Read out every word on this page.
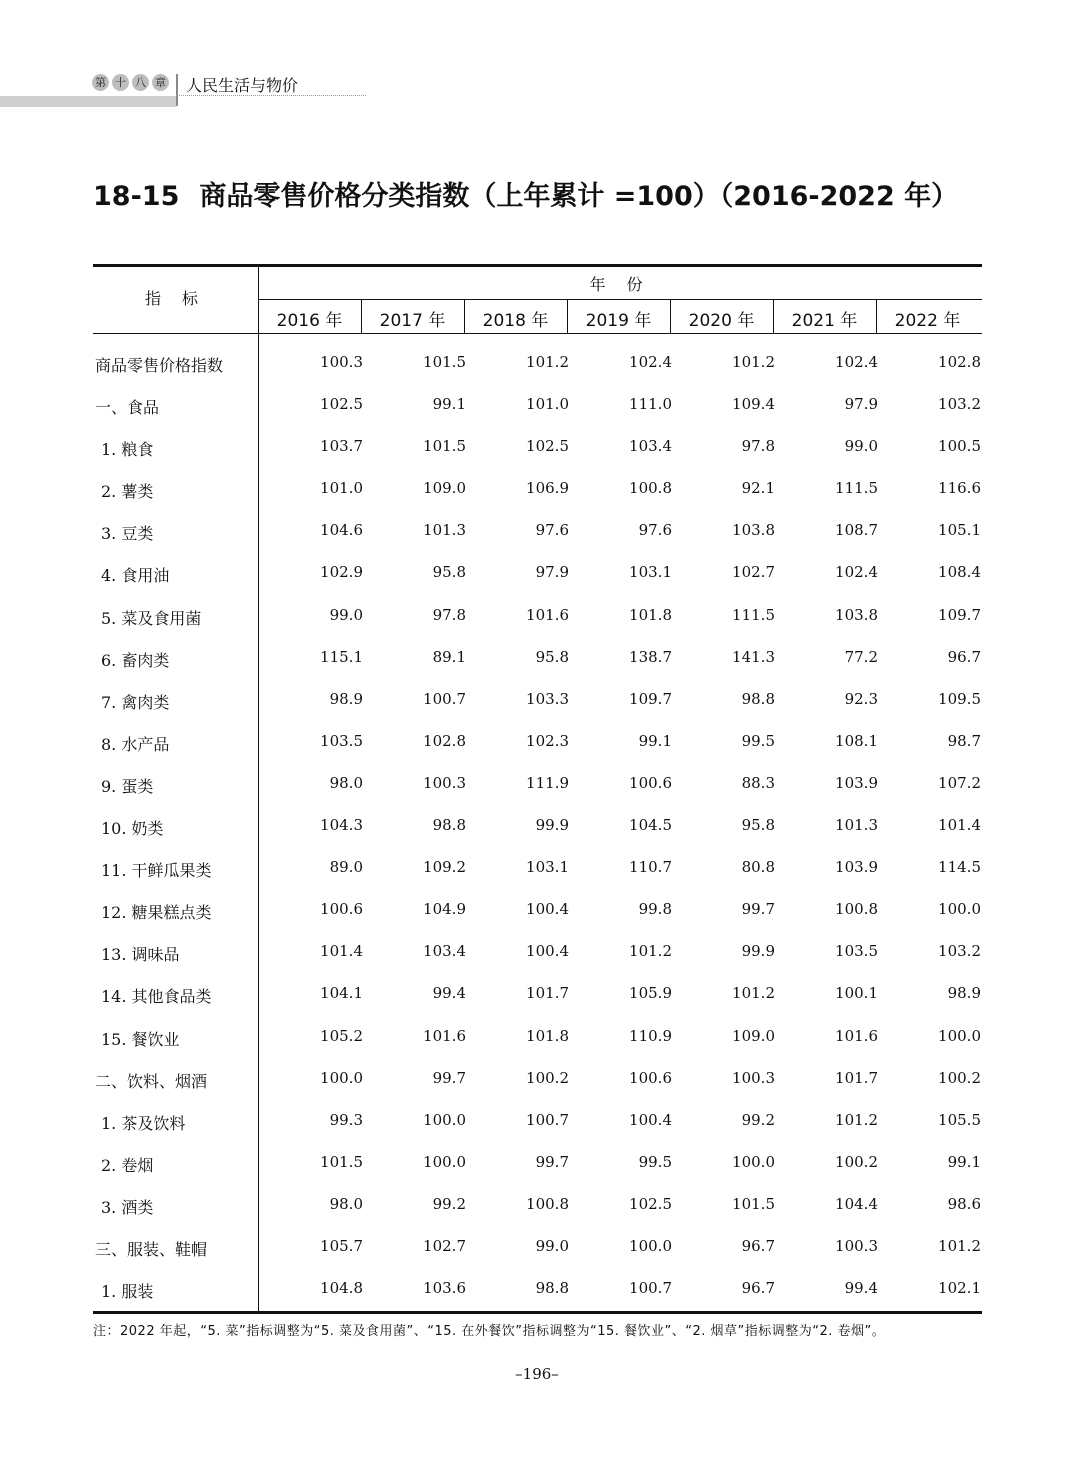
第 十 八 章 人民生活与物价
18-15 商品零售价格分类指数（上年累计 =100）（2016-2022 年）
指 标
年 份
2016 年	2017 年	2018 年	2019 年	2020 年	2021 年	2022 年
商品零售价格指数	100.3	101.5	101.2	102.4	101.2	102.4	102.8
一、食品	102.5	99.1	101.0	111.0	109.4	97.9	103.2
1. 粮食	103.7	101.5	102.5	103.4	97.8	99.0	100.5
2. 薯类	101.0	109.0	106.9	100.8	92.1	111.5	116.6
3. 豆类	104.6	101.3	97.6	97.6	103.8	108.7	105.1
4. 食用油	102.9	95.8	97.9	103.1	102.7	102.4	108.4
5. 菜及食用菌	99.0	97.8	101.6	101.8	111.5	103.8	109.7
6. 畜肉类	115.1	89.1	95.8	138.7	141.3	77.2	96.7
7. 禽肉类	98.9	100.7	103.3	109.7	98.8	92.3	109.5
8. 水产品	103.5	102.8	102.3	99.1	99.5	108.1	98.7
9. 蛋类	98.0	100.3	111.9	100.6	88.3	103.9	107.2
10. 奶类	104.3	98.8	99.9	104.5	95.8	101.3	101.4
11. 干鲜瓜果类	89.0	109.2	103.1	110.7	80.8	103.9	114.5
12. 糖果糕点类	100.6	104.9	100.4	99.8	99.7	100.8	100.0
13. 调味品	101.4	103.4	100.4	101.2	99.9	103.5	103.2
14. 其他食品类	104.1	99.4	101.7	105.9	101.2	100.1	98.9
15. 餐饮业	105.2	101.6	101.8	110.9	109.0	101.6	100.0
二、饮料、烟酒	100.0	99.7	100.2	100.6	100.3	101.7	100.2
1. 茶及饮料	99.3	100.0	100.7	100.4	99.2	101.2	105.5
2. 卷烟	101.5	100.0	99.7	99.5	100.0	100.2	99.1
3. 酒类	98.0	99.2	100.8	102.5	101.5	104.4	98.6
三、服装、鞋帽	105.7	102.7	99.0	100.0	96.7	100.3	101.2
1. 服装	104.8	103.6	98.8	100.7	96.7	99.4	102.1
注：2022 年起，“5. 菜”指标调整为“5. 菜及食用菌”、“15. 在外餐饮”指标调整为“15. 餐饮业”、“2. 烟草”指标调整为“2. 卷烟”。
–196–
